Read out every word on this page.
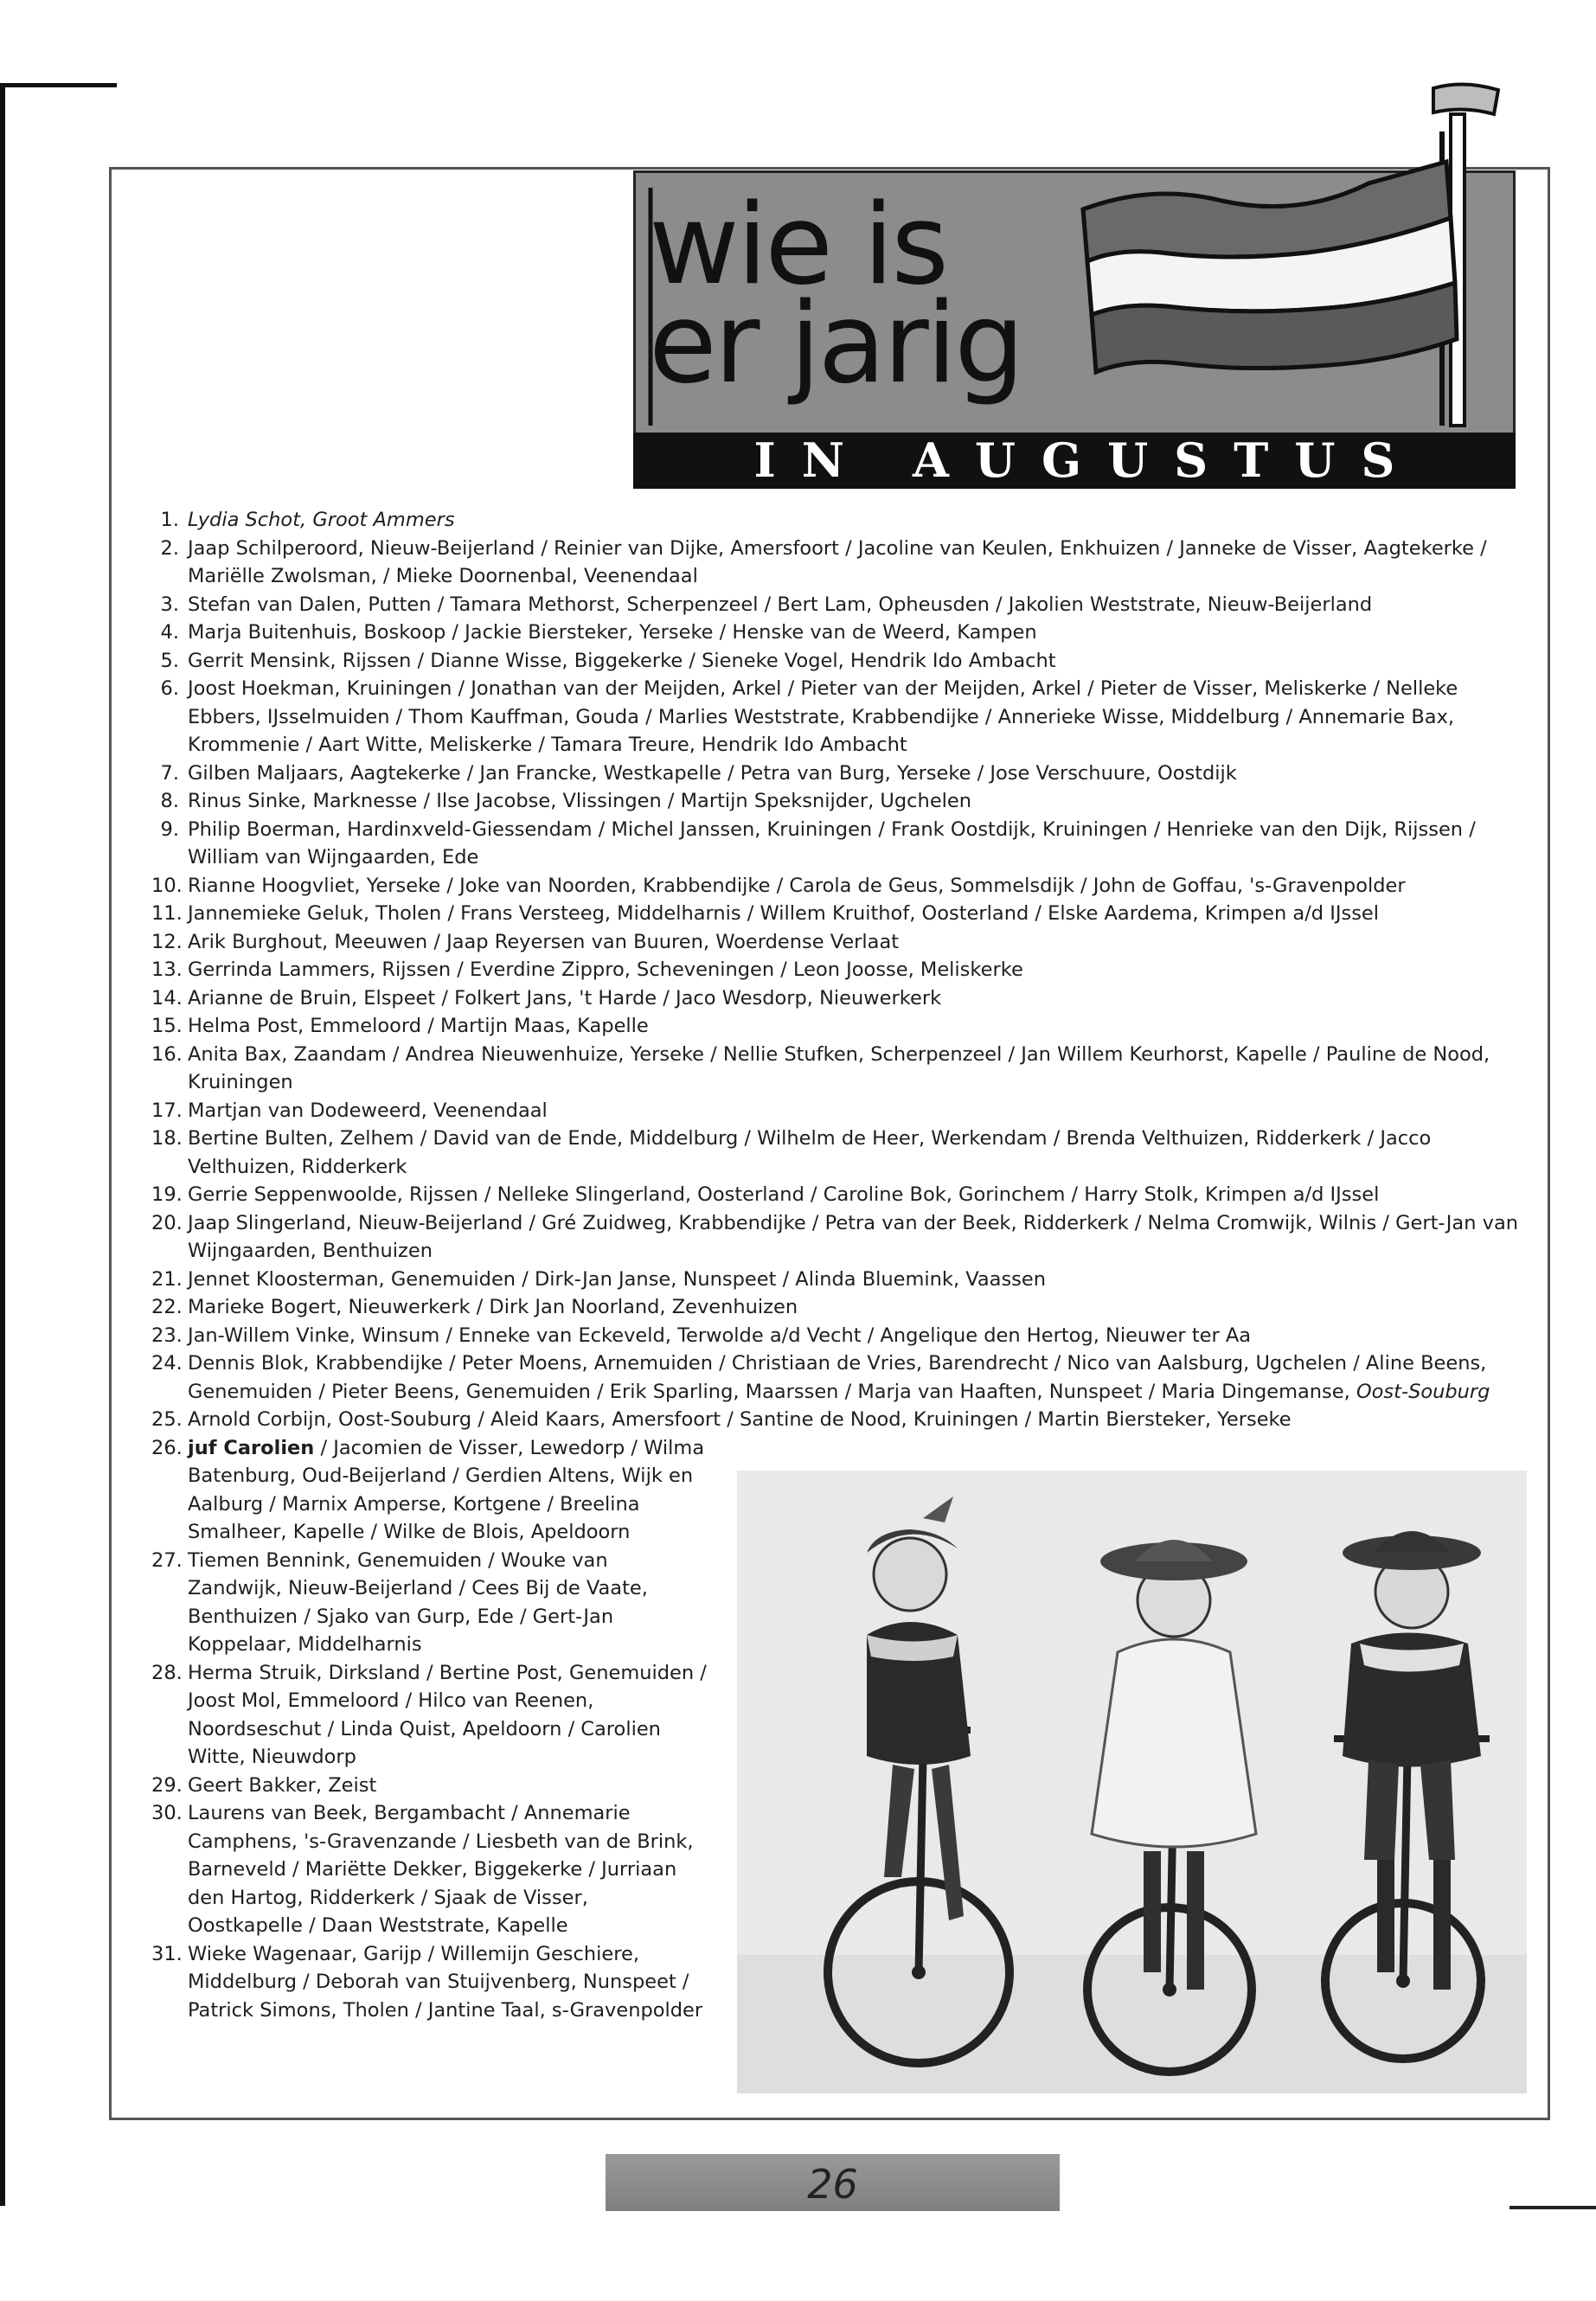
wie is
er jarig
IN AUGUSTUS
1. Lydia Schot, Groot Ammers
2. Jaap Schilperoord, Nieuw-Beijerland / Reinier van Dijke, Amersfoort / Jacoline van Keulen, Enkhuizen / Janneke de Visser, Aagtekerke / Mariëlle Zwolsman, / Mieke Doornenbal, Veenendaal
3. Stefan van Dalen, Putten / Tamara Methorst, Scherpenzeel / Bert Lam, Opheusden / Jakolien Weststrate, Nieuw-Beijerland
4. Marja Buitenhuis, Boskoop / Jackie Biersteker, Yerseke / Henske van de Weerd, Kampen
5. Gerrit Mensink, Rijssen / Dianne Wisse, Biggekerke / Sieneke Vogel, Hendrik Ido Ambacht
6. Joost Hoekman, Kruiningen / Jonathan van der Meijden, Arkel / Pieter van der Meijden, Arkel / Pieter de Visser, Meliskerke / Nelleke Ebbers, IJsselmuiden / Thom Kauffman, Gouda / Marlies Weststrate, Krabbendijke / Annerieke Wisse, Middelburg / Annemarie Bax, Krommenie / Aart Witte, Meliskerke / Tamara Treure, Hendrik Ido Ambacht
7. Gilben Maljaars, Aagtekerke / Jan Francke, Westkapelle / Petra van Burg, Yerseke / Jose Verschuure, Oostdijk
8. Rinus Sinke, Marknesse / Ilse Jacobse, Vlissingen / Martijn Speksnijder, Ugchelen
9. Philip Boerman, Hardinxveld-Giessendam / Michel Janssen, Kruiningen / Frank Oostdijk, Kruiningen / Henrieke van den Dijk, Rijssen / William van Wijngaarden, Ede
10. Rianne Hoogvliet, Yerseke / Joke van Noorden, Krabbendijke / Carola de Geus, Sommelsdijk / John de Goffau, 's-Gravenpolder
11. Jannemieke Geluk, Tholen / Frans Versteeg, Middelharnis / Willem Kruithof, Oosterland / Elske Aardema, Krimpen a/d IJssel
12. Arik Burghout, Meeuwen / Jaap Reyersen van Buuren, Woerdense Verlaat
13. Gerrinda Lammers, Rijssen / Everdine Zippro, Scheveningen / Leon Joosse, Meliskerke
14. Arianne de Bruin, Elspeet / Folkert Jans, 't Harde / Jaco Wesdorp, Nieuwerkerk
15. Helma Post, Emmeloord / Martijn Maas, Kapelle
16. Anita Bax, Zaandam / Andrea Nieuwenhuize, Yerseke / Nellie Stufken, Scherpenzeel / Jan Willem Keurhorst, Kapelle / Pauline de Nood, Kruiningen
17. Martjan van Dodeweerd, Veenendaal
18. Bertine Bulten, Zelhem / David van de Ende, Middelburg / Wilhelm de Heer, Werkendam / Brenda Velthuizen, Ridderkerk / Jacco Velthuizen, Ridderkerk
19. Gerrie Seppenwoolde, Rijssen / Nelleke Slingerland, Oosterland / Caroline Bok, Gorinchem / Harry Stolk, Krimpen a/d IJssel
20. Jaap Slingerland, Nieuw-Beijerland / Gré Zuidweg, Krabbendijke / Petra van der Beek, Ridderkerk / Nelma Cromwijk, Wilnis / Gert-Jan van Wijngaarden, Benthuizen
21. Jennet Kloosterman, Genemuiden / Dirk-Jan Janse, Nunspeet / Alinda Bluemink, Vaassen
22. Marieke Bogert, Nieuwerkerk / Dirk Jan Noorland, Zevenhuizen
23. Jan-Willem Vinke, Winsum / Enneke van Eckeveld, Terwolde a/d Vecht / Angelique den Hertog, Nieuwer ter Aa
24. Dennis Blok, Krabbendijke / Peter Moens, Arnemuiden / Christiaan de Vries, Barendrecht / Nico van Aalsburg, Ugchelen / Aline Beens, Genemuiden / Pieter Beens, Genemuiden / Erik Sparling, Maarssen / Marja van Haaften, Nunspeet / Maria Dingemanse, Oost-Souburg
25. Arnold Corbijn, Oost-Souburg / Aleid Kaars, Amersfoort / Santine de Nood, Kruiningen / Martin Biersteker, Yerseke
26. juf Carolien / Jacomien de Visser, Lewedorp / Wilma Batenburg, Oud-Beijerland / Gerdien Altens, Wijk en Aalburg / Marnix Amperse, Kortgene / Breelina Smalheer, Kapelle / Wilke de Blois, Apeldoorn
27. Tiemen Bennink, Genemuiden / Wouke van Zandwijk, Nieuw-Beijerland / Cees Bij de Vaate, Benthuizen / Sjako van Gurp, Ede / Gert-Jan Koppelaar, Middelharnis
28. Herma Struik, Dirksland / Bertine Post, Genemuiden / Joost Mol, Emmeloord / Hilco van Reenen, Noordseschut / Linda Quist, Apeldoorn / Carolien Witte, Nieuwdorp
29. Geert Bakker, Zeist
30. Laurens van Beek, Bergambacht / Annemarie Camphens, 's-Gravenzande / Liesbeth van de Brink, Barneveld / Mariëtte Dekker, Biggekerke / Jurriaan den Hartog, Ridderkerk / Sjaak de Visser, Oostkapelle / Daan Weststrate, Kapelle
31. Wieke Wagenaar, Garijp / Willemijn Geschiere, Middelburg / Deborah van Stuijvenberg, Nunspeet / Patrick Simons, Tholen / Jantine Taal, s-Gravenpolder
26
